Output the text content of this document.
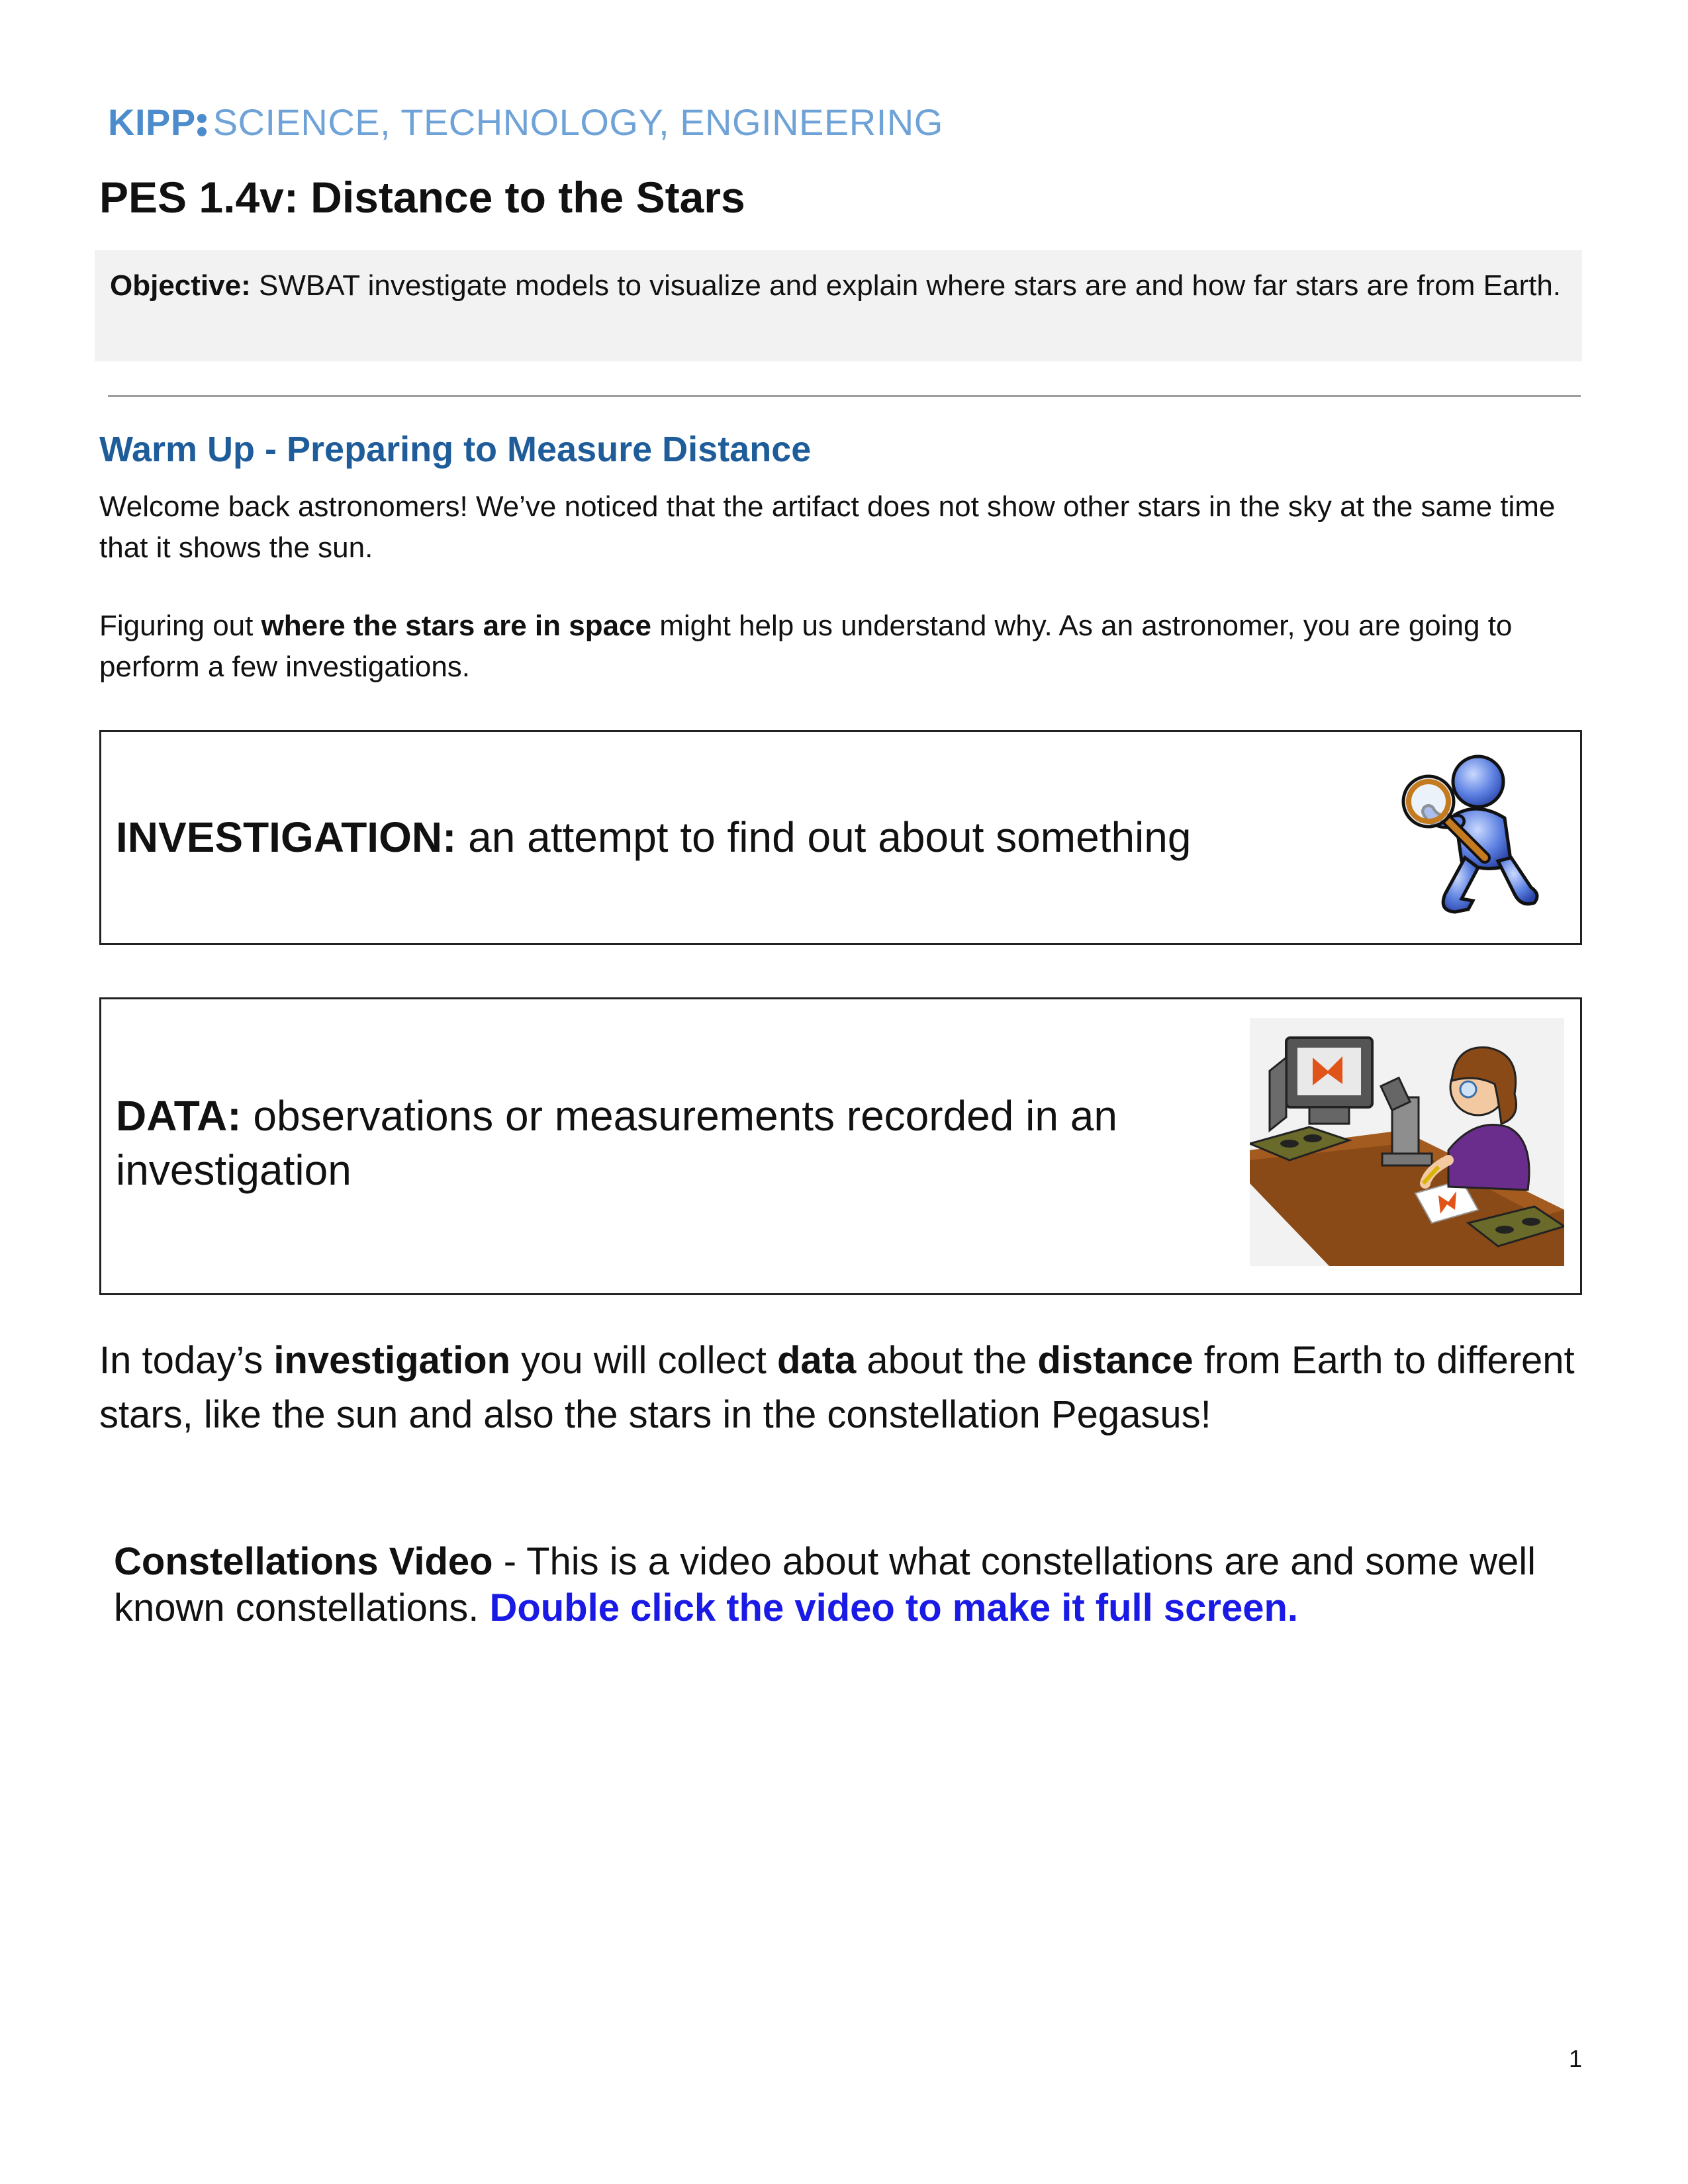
KIPP SCIENCE, TECHNOLOGY, ENGINEERING
PES 1.4v: Distance to the Stars
Objective: SWBAT investigate models to visualize and explain where stars are and how far stars are from Earth.
Warm Up - Preparing to Measure Distance
Welcome back astronomers! We’ve noticed that the artifact does not show other stars in the sky at the same time that it shows the sun.
Figuring out where the stars are in space might help us understand why. As an astronomer, you are going to perform a few investigations.
INVESTIGATION: an attempt to find out about something
DATA: observations or measurements recorded in an investigation
In today’s investigation you will collect data about the distance from Earth to different stars, like the sun and also the stars in the constellation Pegasus!
Constellations Video - This is a video about what constellations are and some well known constellations. Double click the video to make it full screen.
1
